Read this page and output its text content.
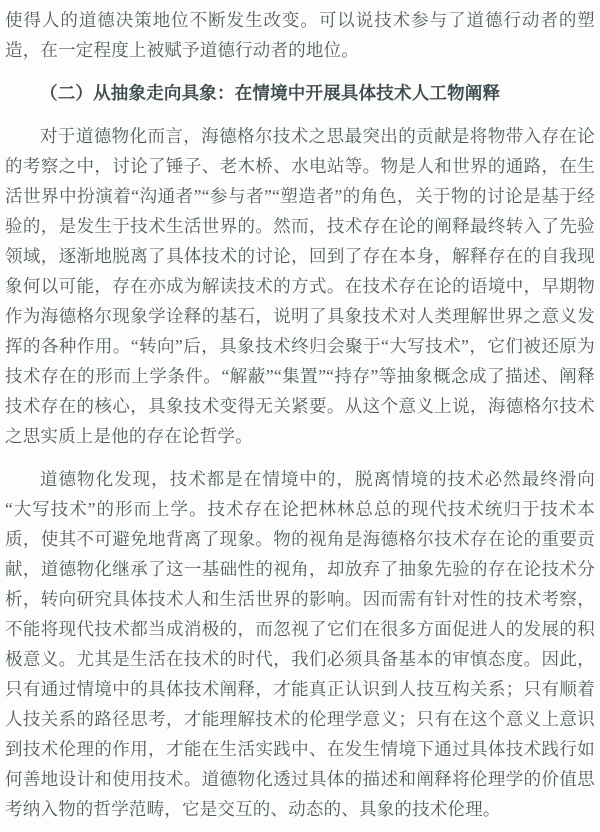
使得人的道德决策地位不断发生改变。可以说技术参与了道德行动者的塑造，在一定程度上被赋予道德行动者的地位。

（二）从抽象走向具象：在情境中开展具体技术人工物阐释

对于道德物化而言，海德格尔技术之思最突出的贡献是将物带入存在论的考察之中，讨论了锤子、老木桥、水电站等。物是人和世界的通路，在生活世界中扮演着“沟通者”“参与者”“塑造者”的角色，关于物的讨论是基于经验的，是发生于技术生活世界的。然而，技术存在论的阐释最终转入了先验领域，逐渐地脱离了具体技术的讨论，回到了存在本身，解释存在的自我现象何以可能，存在亦成为解读技术的方式。在技术存在论的语境中，早期物作为海德格尔现象学诠释的基石，说明了具象技术对人类理解世界之意义发挥的各种作用。“转向”后，具象技术终归会聚于“大写技术”，它们被还原为技术存在的形而上学条件。“解蔽”“集置”“持存”等抽象概念成了描述、阐释技术存在的核心，具象技术变得无关紧要。从这个意义上说，海德格尔技术之思实质上是他的存在论哲学。

道德物化发现，技术都是在情境中的，脱离情境的技术必然最终滑向“大写技术”的形而上学。技术存在论把林林总总的现代技术统归于技术本质，使其不可避免地背离了现象。物的视角是海德格尔技术存在论的重要贡献，道德物化继承了这一基础性的视角，却放弃了抽象先验的存在论技术分析，转向研究具体技术人和生活世界的影响。因而需有针对性的技术考察，不能将现代技术都当成消极的，而忽视了它们在很多方面促进人的发展的积极意义。尤其是生活在技术的时代，我们必须具备基本的审慎态度。因此，只有通过情境中的具体技术阐释，才能真正认识到人技互构关系；只有顺着人技关系的路径思考，才能理解技术的伦理学意义；只有在这个意义上意识到技术伦理的作用，才能在生活实践中、在发生情境下通过具体技术践行如何善地设计和使用技术。道德物化透过具体的描述和阐释将伦理学的价值思考纳入物的哲学范畴，它是交互的、动态的、具象的技术伦理。
